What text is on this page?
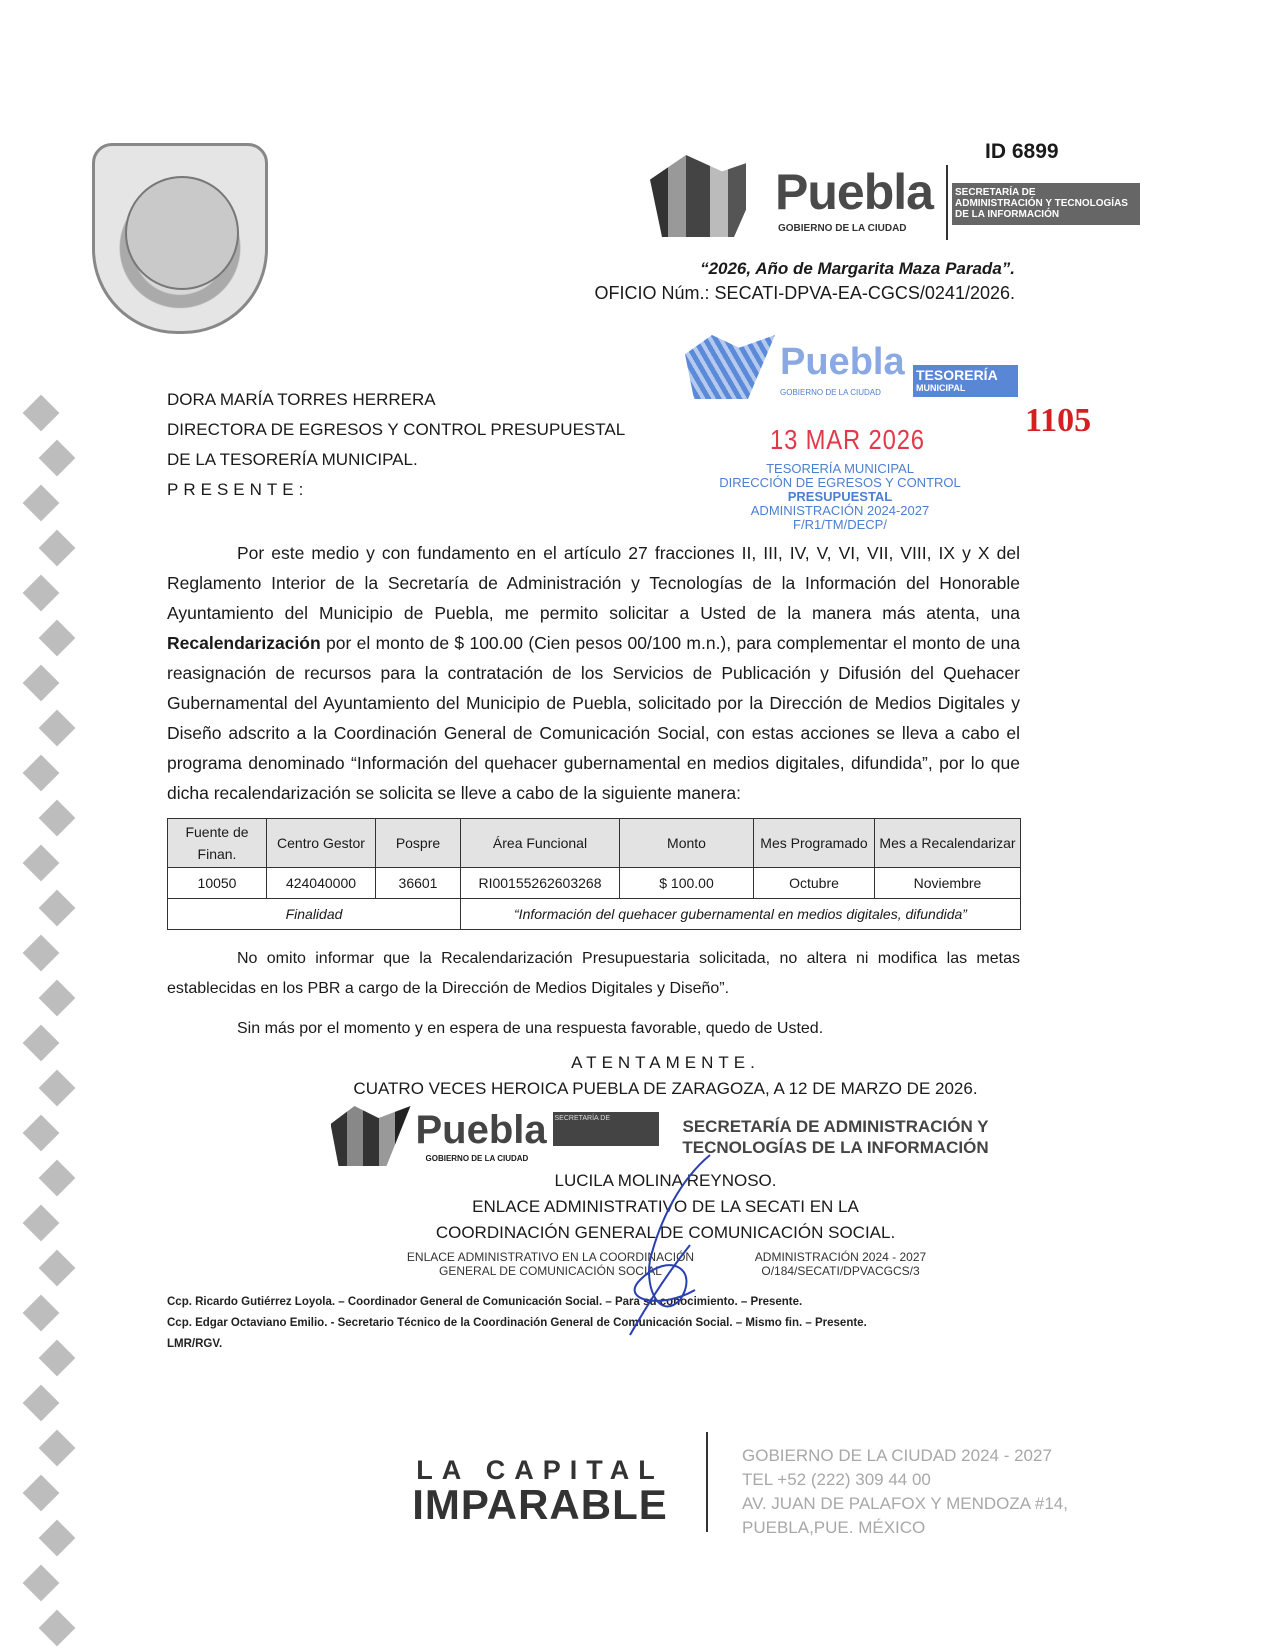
ID 6899
Puebla
GOBIERNO DE LA CIUDAD
SECRETARÍA DE
ADMINISTRACIÓN Y TECNOLOGÍAS DE LA INFORMACIÓN
“2026, Año de Margarita Maza Parada”.
OFICIO Núm.: SECATI-DPVA-EA-CGCS/0241/2026.
Puebla
GOBIERNO DE LA CIUDAD
TESORERÍA
MUNICIPAL
1105
13 MAR 2026
TESORERÍA MUNICIPAL
DIRECCIÓN DE EGRESOS Y CONTROL
PRESUPUESTAL
ADMINISTRACIÓN 2024-2027
F/R1/TM/DECP/
DORA MARÍA TORRES HERRERA
DIRECTORA DE EGRESOS Y CONTROL PRESUPUESTAL
DE LA TESORERÍA MUNICIPAL.
PRESENTE:
Por este medio y con fundamento en el artículo 27 fracciones II, III, IV, V, VI, VII, VIII, IX y X del Reglamento Interior de la Secretaría de Administración y Tecnologías de la Información del Honorable Ayuntamiento del Municipio de Puebla, me permito solicitar a Usted de la manera más atenta, una Recalendarización por el monto de $ 100.00 (Cien pesos 00/100 m.n.), para complementar el monto de una reasignación de recursos para la contratación de los Servicios de Publicación y Difusión del Quehacer Gubernamental del Ayuntamiento del Municipio de Puebla, solicitado por la Dirección de Medios Digitales y Diseño adscrito a la Coordinación General de Comunicación Social, con estas acciones se lleva a cabo el programa denominado “Información del quehacer gubernamental en medios digitales, difundida”, por lo que dicha recalendarización se solicita se lleve a cabo de la siguiente manera:
Fuente de Finan.	Centro Gestor	Pospre	Área Funcional	Monto	Mes Programado	Mes a Recalendarizar
10050	424040000	36601	RI00155262603268	$ 100.00	Octubre	Noviembre
Finalidad			“Información del quehacer gubernamental en medios digitales, difundida”			
No omito informar que la Recalendarización Presupuestaria solicitada, no altera ni modifica las metas establecidas en los PBR a cargo de la Dirección de Medios Digitales y Diseño”.
Sin más por el momento y en espera de una respuesta favorable, quedo de Usted.
ATENTAMENTE.
CUATRO VECES HEROICA PUEBLA DE ZARAGOZA, A 12 DE MARZO DE 2026.
Puebla
GOBIERNO DE LA CIUDAD
SECRETARÍA DE	SECRETARÍA DE ADMINISTRACIÓN Y TECNOLOGÍAS DE LA INFORMACIÓN
LUCILA MOLINA REYNOSO.
ENLACE ADMINISTRATIVO DE LA SECATI EN LA
COORDINACIÓN GENERAL DE COMUNICACIÓN SOCIAL.
ENLACE ADMINISTRATIVO EN LA COORDINACIÓN GENERAL DE COMUNICACIÓN SOCIAL
ADMINISTRACIÓN 2024 - 2027 O/184/SECATI/DPVACGCS/3
Ccp. Ricardo Gutiérrez Loyola. – Coordinador General de Comunicación Social. – Para su conocimiento. – Presente.
Ccp. Edgar Octaviano Emilio. - Secretario Técnico de la Coordinación General de Comunicación Social. – Mismo fin. – Presente.
LMR/RGV.
LA CAPITAL
IMPARABLE
GOBIERNO DE LA CIUDAD 2024 - 2027
TEL +52 (222) 309 44 00
AV. JUAN DE PALAFOX Y MENDOZA #14,
PUEBLA,PUE. MÉXICO
